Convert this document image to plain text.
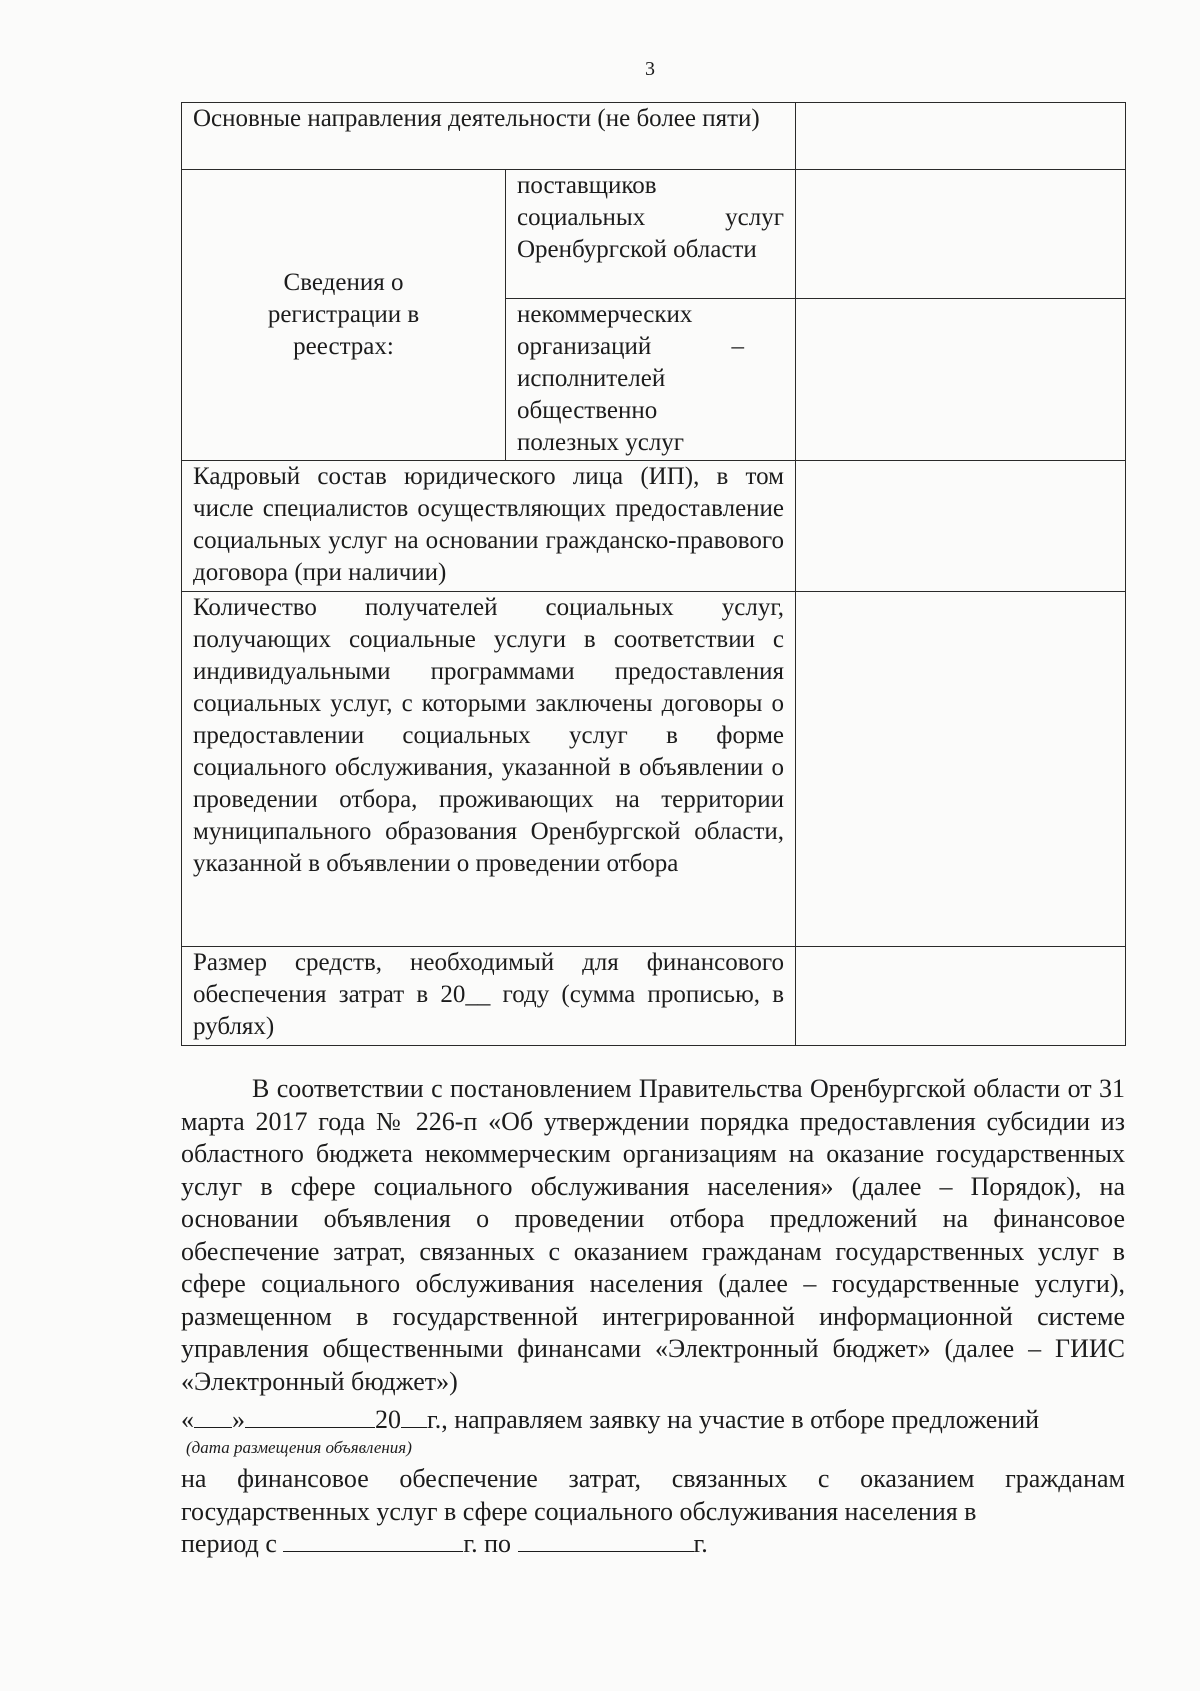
3
Основные направления деятельности (не более пяти)		

Сведения о регистрации в реестрах:	поставщиков социальных услуг Оренбургской области	

	некоммерческих организаций – исполнителей общественно полезных услуг	

Кадровый состав юридического лица (ИП), в том числе специалистов осуществляющих предоставление социальных услуг на основании гражданско-правового договора (при наличии)		
Количество получателей социальных услуг, получающих социальные услуги в соответствии с индивидуальными программами предоставления социальных услуг, с которыми заключены договоры о предоставлении социальных услуг в форме социального обслуживания, указанной в объявлении о проведении отбора, проживающих на территории муниципального образования Оренбургской области, указанной в объявлении о проведении отбора		
Размер средств, необходимый для финансового обеспечения затрат в 20__ году (сумма прописью, в рублях)		

В соответствии с постановлением Правительства Оренбургской области от 31 марта 2017 года № 226-п «Об утверждении порядка предоставления субсидии из областного бюджета некоммерческим организациям на оказание государственных услуг в сфере социального обслуживания населения» (далее – Порядок), на основании объявления о проведении отбора предложений на финансовое обеспечение затрат, связанных с оказанием гражданам государственных услуг в сфере социального обслуживания населения (далее – государственные услуги), размещенном в государственной интегрированной информационной системе управления общественными финансами «Электронный бюджет» (далее – ГИИС «Электронный бюджет»)

« »	20 г., направляем заявку на участие в отборе предложений
(дата размещения объявления)
на финансовое обеспечение затрат, связанных с оказанием гражданам государственных услуг в сфере социального обслуживания населения в
период с	г. по	г.
